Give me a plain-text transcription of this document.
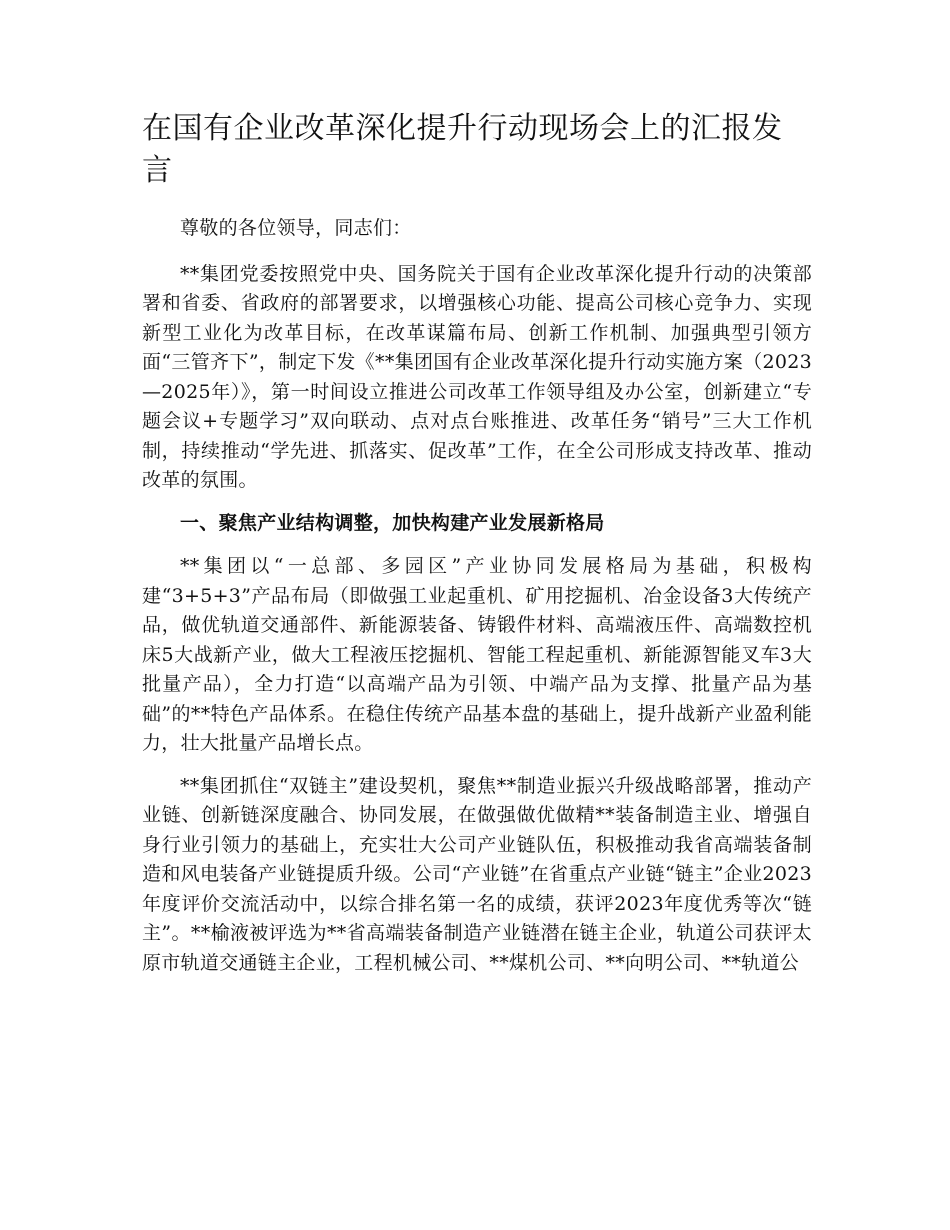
在国有企业改革深化提升行动现场会上的汇报发言

尊敬的各位领导，同志们：

**集团党委按照党中央、国务院关于国有企业改革深化提升行动的决策部署和省委、省政府的部署要求，以增强核心功能、提高公司核心竞争力、实现新型工业化为改革目标，在改革谋篇布局、创新工作机制、加强典型引领方面“三管齐下”，制定下发《**集团国有企业改革深化提升行动实施方案（2023—2025年）》，第一时间设立推进公司改革工作领导组及办公室，创新建立“专题会议+专题学习”双向联动、点对点台账推进、改革任务“销号”三大工作机制，持续推动“学先进、抓落实、促改革”工作，在全公司形成支持改革、推动改革的氛围。

一、聚焦产业结构调整，加快构建产业发展新格局

**集团以“一总部、多园区”产业协同发展格局为基础，积极构建“3+5+3”产品布局（即做强工业起重机、矿用挖掘机、冶金设备3大传统产品，做优轨道交通部件、新能源装备、铸锻件材料、高端液压件、高端数控机床5大战新产业，做大工程液压挖掘机、智能工程起重机、新能源智能叉车3大批量产品），全力打造“以高端产品为引领、中端产品为支撑、批量产品为基础”的**特色产品体系。在稳住传统产品基本盘的基础上，提升战新产业盈利能力，壮大批量产品增长点。

**集团抓住“双链主”建设契机，聚焦**制造业振兴升级战略部署，推动产业链、创新链深度融合、协同发展，在做强做优做精**装备制造主业、增强自身行业引领力的基础上，充实壮大公司产业链队伍，积极推动我省高端装备制造和风电装备产业链提质升级。公司“产业链”在省重点产业链“链主”企业2023年度评价交流活动中，以综合排名第一名的成绩，获评2023年度优秀等次“链主”。**榆液被评选为**省高端装备制造产业链潜在链主企业，轨道公司获评太原市轨道交通链主企业，工程机械公司、**煤机公司、**向明公司、**轨道公
